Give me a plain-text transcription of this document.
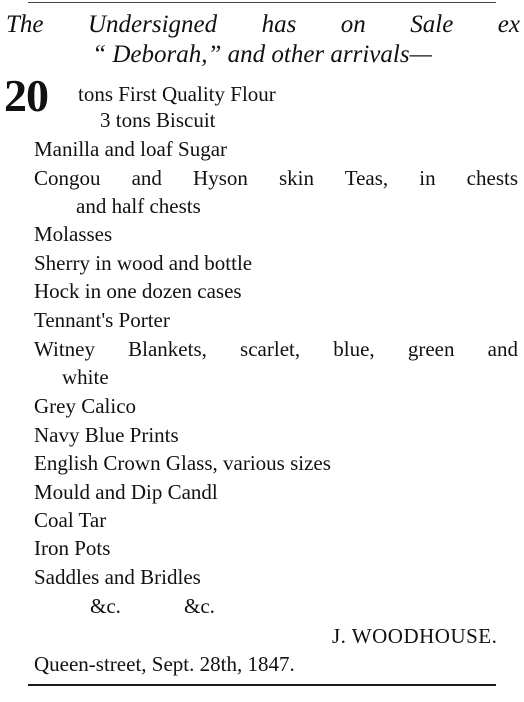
The Undersigned has on Sale ex
“ Deborah,” and other arrivals—
20 tons First Quality Flour
3 tons Biscuit
Manilla and loaf Sugar
Congou and Hyson skin Teas, in chests
and half chests
Molasses
Sherry in wood and bottle
Hock in one dozen cases
Tennant's Porter
Witney Blankets, scarlet, blue, green and
white
Grey Calico
Navy Blue Prints
English Crown Glass, various sizes
Mould and Dip Candl
Coal Tar
Iron Pots
Saddles and Bridles
&c.	&c.
J. WOODHOUSE.
Queen-street, Sept. 28th, 1847.
